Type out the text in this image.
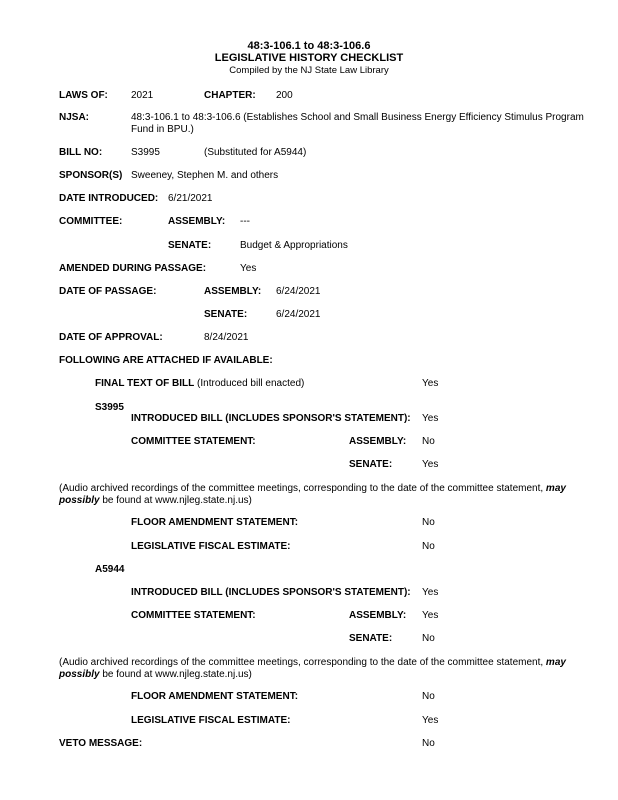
48:3-106.1 to 48:3-106.6
LEGISLATIVE HISTORY CHECKLIST
Compiled by the NJ State Law Library
LAWS OF: 2021	CHAPTER: 200
NJSA:	48:3-106.1 to 48:3-106.6 (Establishes School and Small Business Energy Efficiency Stimulus Program Fund in BPU.)
BILL NO:	S3995	(Substituted for A5944)
SPONSOR(S) Sweeney, Stephen M. and others
DATE INTRODUCED: 6/21/2021
COMMITTEE:	ASSEMBLY: ---
SENATE:	Budget & Appropriations
AMENDED DURING PASSAGE:	Yes
DATE OF PASSAGE:	ASSEMBLY: 6/24/2021
SENATE:	6/24/2021
DATE OF APPROVAL:	8/24/2021
FOLLOWING ARE ATTACHED IF AVAILABLE:
FINAL TEXT OF BILL (Introduced bill enacted)	Yes
S3995
INTRODUCED BILL (INCLUDES SPONSOR'S STATEMENT): Yes
COMMITTEE STATEMENT:	ASSEMBLY: No
SENATE:	Yes
(Audio archived recordings of the committee meetings, corresponding to the date of the committee statement, may possibly be found at www.njleg.state.nj.us)
FLOOR AMENDMENT STATEMENT:	No
LEGISLATIVE FISCAL ESTIMATE:	No
A5944
INTRODUCED BILL (INCLUDES SPONSOR'S STATEMENT): Yes
COMMITTEE STATEMENT:	ASSEMBLY: Yes
SENATE:	No
(Audio archived recordings of the committee meetings, corresponding to the date of the committee statement, may possibly be found at www.njleg.state.nj.us)
FLOOR AMENDMENT STATEMENT:	No
LEGISLATIVE FISCAL ESTIMATE:	Yes
VETO MESSAGE:	No
